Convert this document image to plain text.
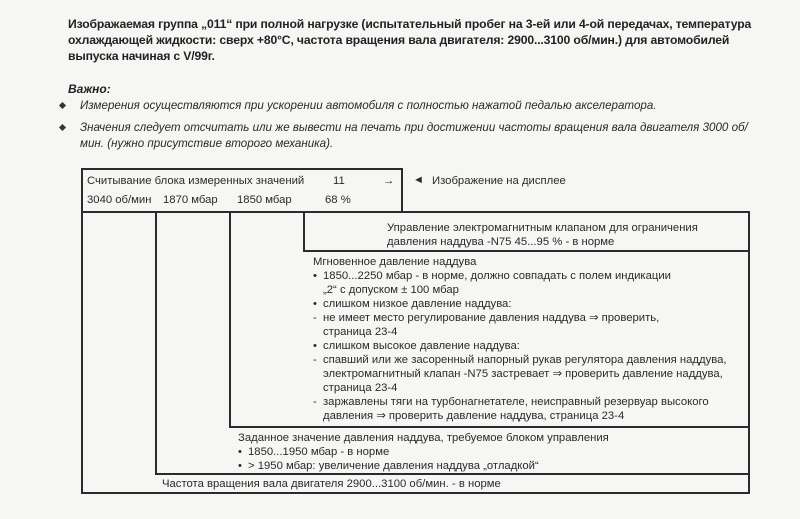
Изображаемая группа „011“ при полной нагрузке (испытательный пробег на 3-ей или 4-ой передачах, температура охлаждающей жидкости: сверх +80°C, частота вращения вала двигателя: 2900...3100 об/мин.) для автомобилей выпуска начиная с V/99г.
Важно:
Измерения осуществляются при ускорении автомобиля с полностью нажатой педалью акселератора.
Значения следует отсчитать или же вывести на печать при достижении частоты вращения вала двигателя 3000 об/мин. (нужно присутствие второго механика).
Считывание блока измеренных значений	11	→ ◄ Изображение на дисплее
3040 об/мин 1870 мбар 1850 мбар	68 %
Управление электромагнитным клапаном для ограничения
давления наддува -N75 45...95 % - в норме
Мгновенное давление наддува
• 1850...2250 мбар - в норме, должно совпадать с полем индикации
„2“ с допуском ± 100 мбар
• слишком низкое давление наддува:
- не имеет место регулирование давления наддува ⇒ проверить,
страница 23-4
• слишком высокое давление наддува:
- спавший или же засоренный напорный рукав регулятора давления наддува,
электромагнитный клапан -N75 застревает ⇒ проверить давление наддува,
страница 23-4
- заржавлены тяги на турбонагнетателе, неисправный резервуар высокого
давления ⇒ проверить давление наддува, страница 23-4
Заданное значение давления наддува, требуемое блоком управления
• 1850...1950 мбар - в норме
• > 1950 мбар: увеличение давления наддува „отладкой“
Частота вращения вала двигателя 2900...3100 об/мин. - в норме
